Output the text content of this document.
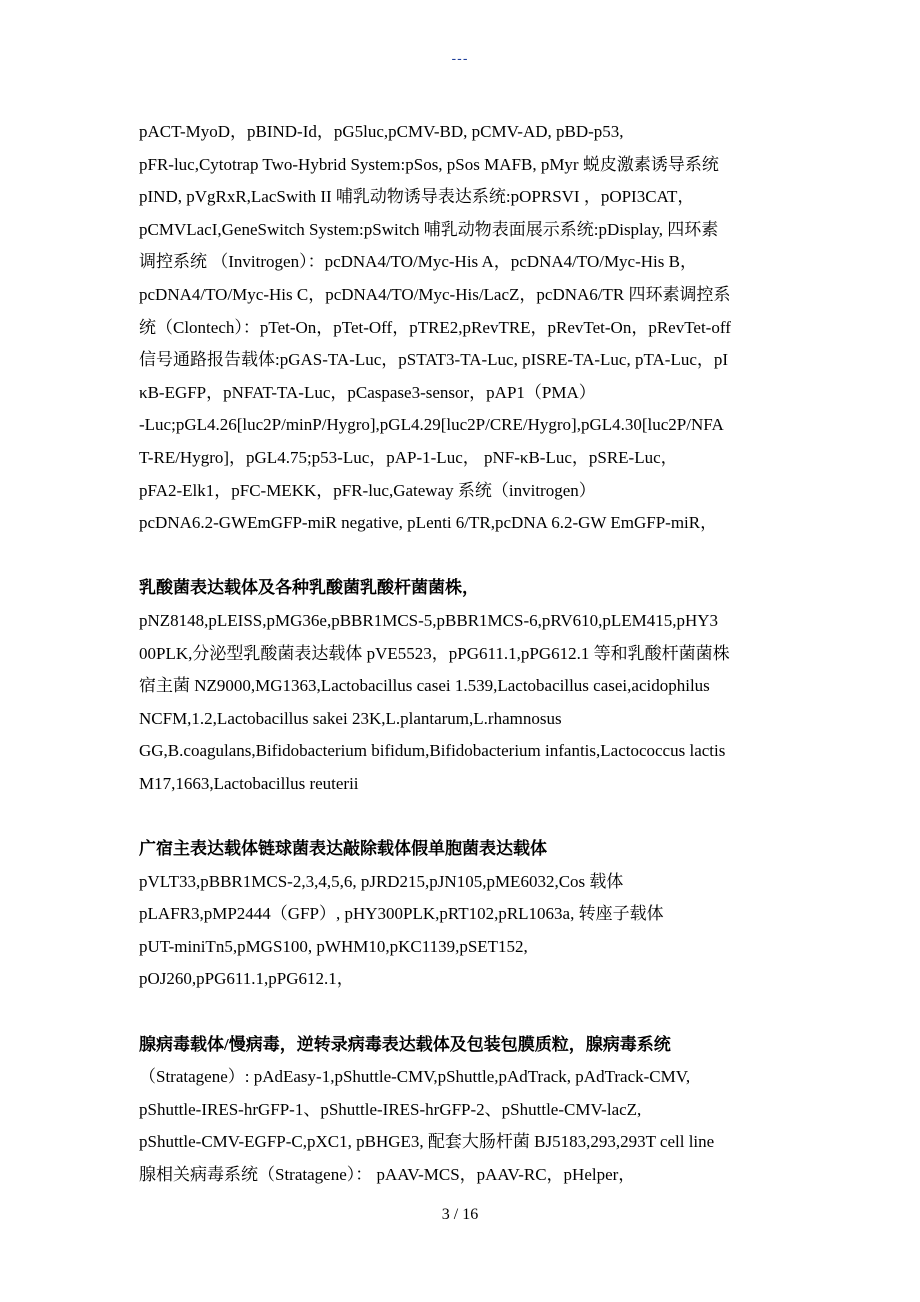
---
pACT-MyoD，pBIND-Id，pG5luc,pCMV-BD, pCMV-AD, pBD-p53,
pFR-luc,Cytotrap Two-Hybrid System:pSos, pSos MAFB, pMyr 蜕皮激素诱导系统
pIND, pVgRxR,LacSwith II 哺乳动物诱导表达系统:pOPRSVI ，pOPI3CAT，
pCMVLacI,GeneSwitch System:pSwitch 哺乳动物表面展示系统:pDisplay, 四环素
调控系统 （Invitrogen）：pcDNA4/TO/Myc-His A，pcDNA4/TO/Myc-His B，
pcDNA4/TO/Myc-His C，pcDNA4/TO/Myc-His/LacZ，pcDNA6/TR 四环素调控系
统（Clontech）：pTet-On，pTet-Off，pTRE2,pRevTRE，pRevTet-On，pRevTet-off
信号通路报告载体:pGAS-TA-Luc，pSTAT3-TA-Luc, pISRE-TA-Luc, pTA-Luc，pI
κB-EGFP，pNFAT-TA-Luc，pCaspase3-sensor，pAP1（PMA）
-Luc;pGL4.26[luc2P/minP/Hygro],pGL4.29[luc2P/CRE/Hygro],pGL4.30[luc2P/NFA
T-RE/Hygro]，pGL4.75;p53-Luc，pAP-1-Luc， pNF-κB-Luc，pSRE-Luc，
pFA2-Elk1，pFC-MEKK，pFR-luc,Gateway 系统（invitrogen）
pcDNA6.2-GWEmGFP-miR negative, pLenti 6/TR,pcDNA 6.2-GW EmGFP-miR，
乳酸菌表达载体及各种乳酸菌乳酸杆菌菌株，
pNZ8148,pLEISS,pMG36e,pBBR1MCS-5,pBBR1MCS-6,pRV610,pLEM415,pHY3
00PLK,分泌型乳酸菌表达载体 pVE5523，pPG611.1,pPG612.1 等和乳酸杆菌菌株
宿主菌 NZ9000,MG1363,Lactobacillus casei 1.539,Lactobacillus casei,acidophilus
NCFM,1.2,Lactobacillus sakei 23K,L.plantarum,L.rhamnosus
GG,B.coagulans,Bifidobacterium bifidum,Bifidobacterium infantis,Lactococcus lactis
M17,1663,Lactobacillus reuterii
广宿主表达载体链球菌表达敲除载体假单胞菌表达载体
pVLT33,pBBR1MCS-2,3,4,5,6, pJRD215,pJN105,pME6032,Cos 载体
pLAFR3,pMP2444（GFP）, pHY300PLK,pRT102,pRL1063a, 转座子载体
pUT-miniTn5,pMGS100, pWHM10,pKC1139,pSET152,
pOJ260,pPG611.1,pPG612.1，
腺病毒载体/慢病毒，逆转录病毒表达载体及包装包膜质粒，腺病毒系统
（Stratagene）: pAdEasy-1,pShuttle-CMV,pShuttle,pAdTrack, pAdTrack-CMV,
pShuttle-IRES-hrGFP-1、pShuttle-IRES-hrGFP-2、pShuttle-CMV-lacZ,
pShuttle-CMV-EGFP-C,pXC1, pBHGE3, 配套大肠杆菌 BJ5183,293,293T cell line
腺相关病毒系统（Stratagene）： pAAV-MCS，pAAV-RC，pHelper，
3 / 16
